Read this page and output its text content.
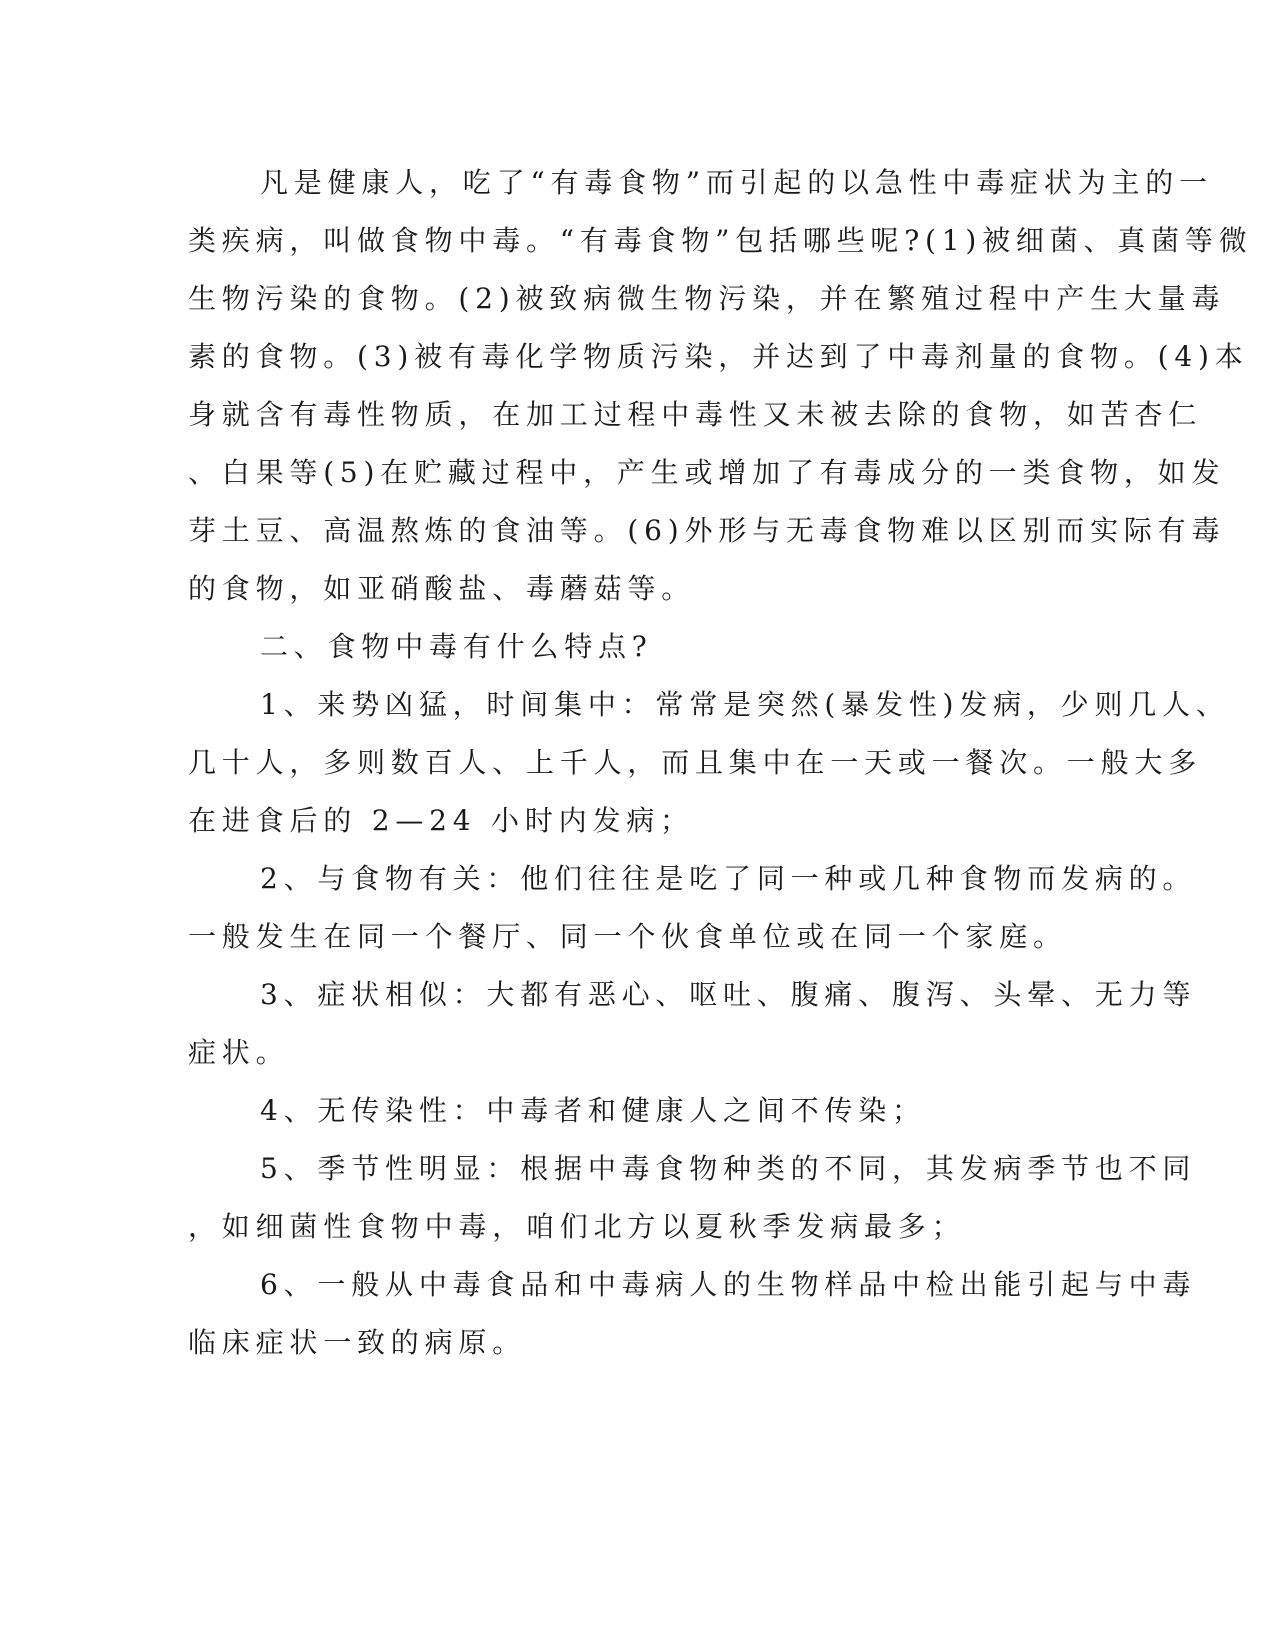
凡是健康人，吃了“有毒食物”而引起的以急性中毒症状为主的一
类疾病，叫做食物中毒。“有毒食物”包括哪些呢?(1)被细菌、真菌等微
生物污染的食物。(2)被致病微生物污染，并在繁殖过程中产生大量毒
素的食物。(3)被有毒化学物质污染，并达到了中毒剂量的食物。(4)本
身就含有毒性物质，在加工过程中毒性又未被去除的食物，如苦杏仁
、白果等(5)在贮藏过程中，产生或增加了有毒成分的一类食物，如发
芽土豆、高温熬炼的食油等。(6)外形与无毒食物难以区别而实际有毒
的食物，如亚硝酸盐、毒蘑菇等。
二、食物中毒有什么特点?
1、来势凶猛，时间集中：常常是突然(暴发性)发病，少则几人、
几十人，多则数百人、上千人，而且集中在一天或一餐次。一般大多
在进食后的 2—24 小时内发病；
2、与食物有关：他们往往是吃了同一种或几种食物而发病的。
一般发生在同一个餐厅、同一个伙食单位或在同一个家庭。
3、症状相似：大都有恶心、呕吐、腹痛、腹泻、头晕、无力等
症状。
4、无传染性：中毒者和健康人之间不传染；
5、季节性明显：根据中毒食物种类的不同，其发病季节也不同
，如细菌性食物中毒，咱们北方以夏秋季发病最多；
6、一般从中毒食品和中毒病人的生物样品中检出能引起与中毒
临床症状一致的病原。
